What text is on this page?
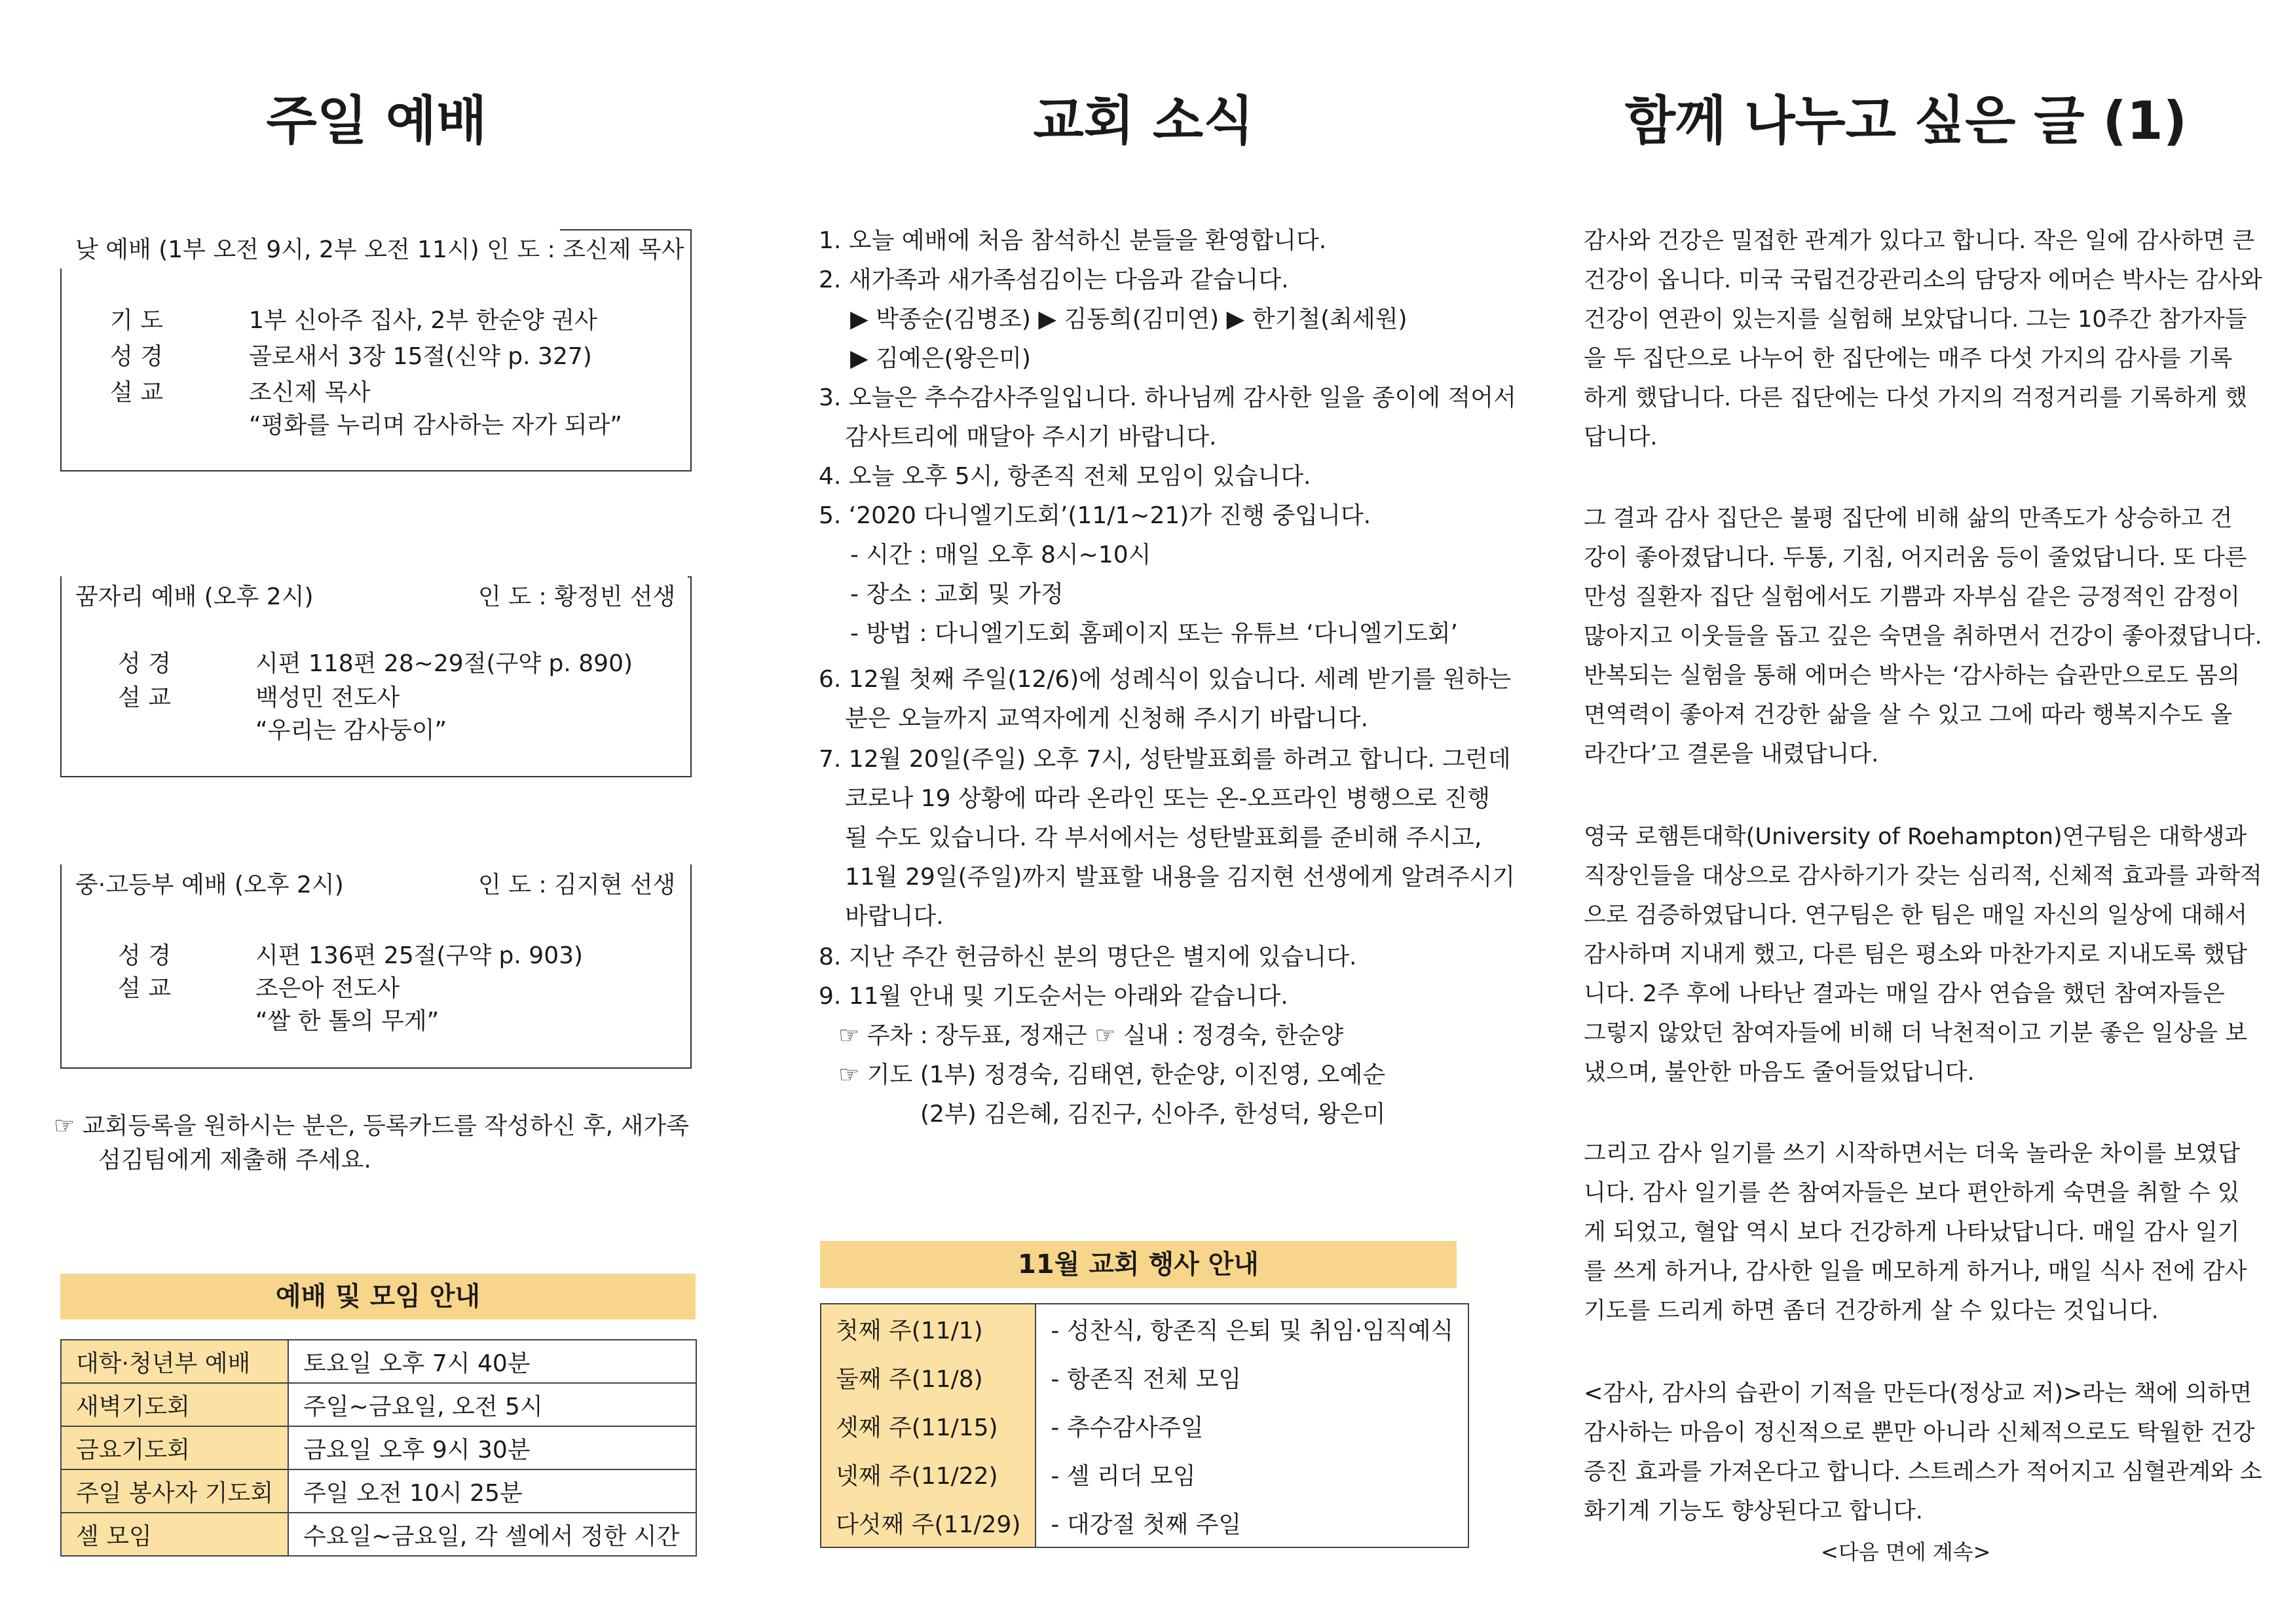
주일 예배
낮 예배 (1부 오전 9시, 2부 오전 11시) 인 도 : 조신제 목사
기 도	1부 신아주 집사, 2부 한순양 권사
성 경	골로새서 3장 15절(신약 p. 327)
설 교	조신제 목사
“평화를 누리며 감사하는 자가 되라”
꿈자리 예배 (오후 2시)	인 도 : 황정빈 선생
성 경	시편 118편 28~29절(구약 p. 890)
설 교	백성민 전도사
“우리는 감사둥이”
중·고등부 예배 (오후 2시)	인 도 : 김지현 선생
성 경	시편 136편 25절(구약 p. 903)
설 교	조은아 전도사
“쌀 한 톨의 무게”
☞ 교회등록을 원하시는 분은, 등록카드를 작성하신 후, 새가족
섬김팀에게 제출해 주세요.
예배 및 모임 안내
대학·청년부 예배	토요일 오후 7시 40분
새벽기도회	주일~금요일, 오전 5시
금요기도회	금요일 오후 9시 30분
주일 봉사자 기도회	주일 오전 10시 25분
셀 모임	수요일~금요일, 각 셀에서 정한 시간
교회 소식
1. 오늘 예배에 처음 참석하신 분들을 환영합니다.
2. 새가족과 새가족섬김이는 다음과 같습니다.
▶ 박종순(김병조) ▶ 김동희(김미연) ▶ 한기철(최세원)
▶ 김예은(왕은미)
3. 오늘은 추수감사주일입니다. 하나님께 감사한 일을 종이에 적어서
감사트리에 매달아 주시기 바랍니다.
4. 오늘 오후 5시, 항존직 전체 모임이 있습니다.
5. ‘2020 다니엘기도회’(11/1~21)가 진행 중입니다.
- 시간 : 매일 오후 8시~10시
- 장소 : 교회 및 가정
- 방법 : 다니엘기도회 홈페이지 또는 유튜브 ‘다니엘기도회’
6. 12월 첫째 주일(12/6)에 성례식이 있습니다. 세례 받기를 원하는
분은 오늘까지 교역자에게 신청해 주시기 바랍니다.
7. 12월 20일(주일) 오후 7시, 성탄발표회를 하려고 합니다. 그런데
코로나 19 상황에 따라 온라인 또는 온-오프라인 병행으로 진행
될 수도 있습니다. 각 부서에서는 성탄발표회를 준비해 주시고,
11월 29일(주일)까지 발표할 내용을 김지현 선생에게 알려주시기
바랍니다.
8. 지난 주간 헌금하신 분의 명단은 별지에 있습니다.
9. 11월 안내 및 기도순서는 아래와 같습니다.
☞ 주차 : 장두표, 정재근 ☞ 실내 : 정경숙, 한순양
☞ 기도 (1부) 정경숙, 김태연, 한순양, 이진영, 오예순
(2부) 김은혜, 김진구, 신아주, 한성덕, 왕은미
11월 교회 행사 안내
첫째 주(11/1)	- 성찬식, 항존직 은퇴 및 취임·임직예식
둘째 주(11/8)	- 항존직 전체 모임
셋째 주(11/15)	- 추수감사주일
넷째 주(11/22)	- 셀 리더 모임
다섯째 주(11/29)	- 대강절 첫째 주일
함께 나누고 싶은 글 (1)
감사와 건강은 밀접한 관계가 있다고 합니다. 작은 일에 감사하면 큰
건강이 옵니다. 미국 국립건강관리소의 담당자 에머슨 박사는 감사와
건강이 연관이 있는지를 실험해 보았답니다. 그는 10주간 참가자들
을 두 집단으로 나누어 한 집단에는 매주 다섯 가지의 감사를 기록
하게 했답니다. 다른 집단에는 다섯 가지의 걱정거리를 기록하게 했
답니다.
그 결과 감사 집단은 불평 집단에 비해 삶의 만족도가 상승하고 건
강이 좋아졌답니다. 두통, 기침, 어지러움 등이 줄었답니다. 또 다른
만성 질환자 집단 실험에서도 기쁨과 자부심 같은 긍정적인 감정이
많아지고 이웃들을 돕고 깊은 숙면을 취하면서 건강이 좋아졌답니다.
반복되는 실험을 통해 에머슨 박사는 ‘감사하는 습관만으로도 몸의
면역력이 좋아져 건강한 삶을 살 수 있고 그에 따라 행복지수도 올
라간다’고 결론을 내렸답니다.
영국 로햄튼대학(University of Roehampton)연구팀은 대학생과
직장인들을 대상으로 감사하기가 갖는 심리적, 신체적 효과를 과학적
으로 검증하였답니다. 연구팀은 한 팀은 매일 자신의 일상에 대해서
감사하며 지내게 했고, 다른 팀은 평소와 마찬가지로 지내도록 했답
니다. 2주 후에 나타난 결과는 매일 감사 연습을 했던 참여자들은
그렇지 않았던 참여자들에 비해 더 낙천적이고 기분 좋은 일상을 보
냈으며, 불안한 마음도 줄어들었답니다.
그리고 감사 일기를 쓰기 시작하면서는 더욱 놀라운 차이를 보였답
니다. 감사 일기를 쓴 참여자들은 보다 편안하게 숙면을 취할 수 있
게 되었고, 혈압 역시 보다 건강하게 나타났답니다. 매일 감사 일기
를 쓰게 하거나, 감사한 일을 메모하게 하거나, 매일 식사 전에 감사
기도를 드리게 하면 좀더 건강하게 살 수 있다는 것입니다.
<감사, 감사의 습관이 기적을 만든다(정상교 저)>라는 책에 의하면
감사하는 마음이 정신적으로 뿐만 아니라 신체적으로도 탁월한 건강
증진 효과를 가져온다고 합니다. 스트레스가 적어지고 심혈관계와 소
화기계 기능도 향상된다고 합니다.
<다음 면에 계속>
